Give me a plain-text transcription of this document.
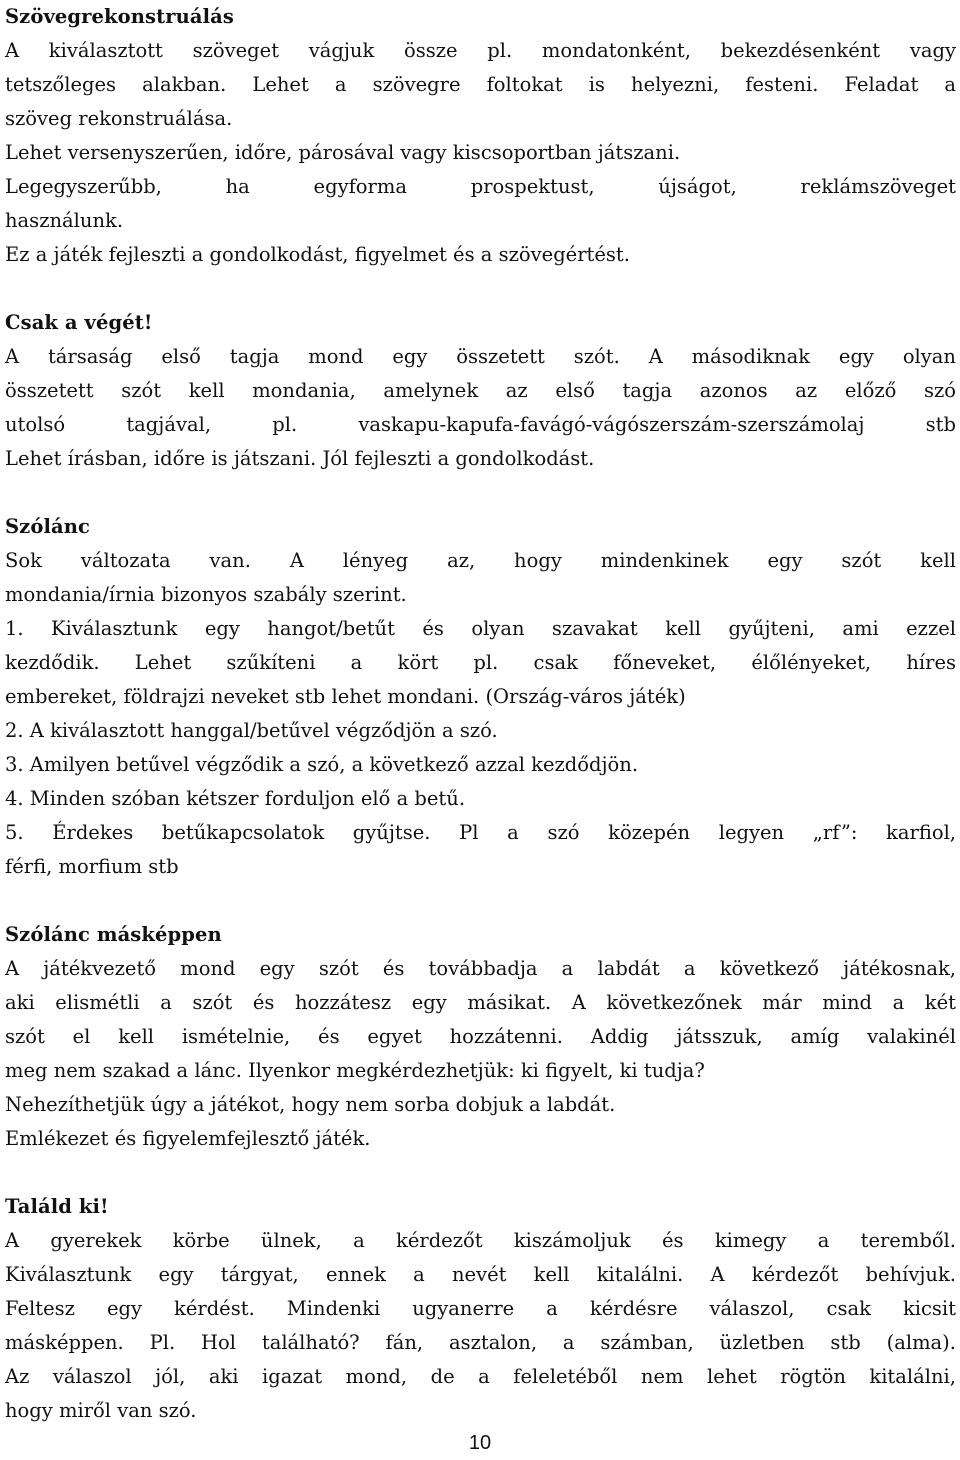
Szövegrekonstruálás

A kiválasztott szöveget vágjuk össze pl. mondatonként, bekezdésenként vagy

tetszőleges alakban. Lehet a szövegre foltokat is helyezni, festeni. Feladat a

szöveg rekonstruálása.

Lehet versenyszerűen, időre, párosával vagy kiscsoportban játszani.

Legegyszerűbb, ha egyforma prospektust, újságot, reklámszöveget

használunk.

Ez a játék fejleszti a gondolkodást, figyelmet és a szövegértést.

Csak a végét!

A társaság első tagja mond egy összetett szót. A másodiknak egy olyan

összetett szót kell mondania, amelynek az első tagja azonos az előző szó

utolsó tagjával, pl. vaskapu-kapufa-favágó-vágószerszám-szerszámolaj stb

Lehet írásban, időre is játszani. Jól fejleszti a gondolkodást.

Szólánc

Sok változata van. A lényeg az, hogy mindenkinek egy szót kell

mondania/írnia bizonyos szabály szerint.

1. Kiválasztunk egy hangot/betűt és olyan szavakat kell gyűjteni, ami ezzel

kezdődik. Lehet szűkíteni a kört pl. csak főneveket, élőlényeket, híres

embereket, földrajzi neveket stb lehet mondani. (Ország-város játék)

2. A kiválasztott hanggal/betűvel végződjön a szó.

3. Amilyen betűvel végződik a szó, a következő azzal kezdődjön.

4. Minden szóban kétszer forduljon elő a betű.

5. Érdekes betűkapcsolatok gyűjtse. Pl a szó közepén legyen „rf”: karfiol,

férfi, morfium stb

Szólánc másképpen

A játékvezető mond egy szót és továbbadja a labdát a következő játékosnak,

aki elismétli a szót és hozzátesz egy másikat. A következőnek már mind a két

szót el kell ismételnie, és egyet hozzátenni. Addig játsszuk, amíg valakinél

meg nem szakad a lánc. Ilyenkor megkérdezhetjük: ki figyelt, ki tudja?

Nehezíthetjük úgy a játékot, hogy nem sorba dobjuk a labdát.

Emlékezet és figyelemfejlesztő játék.

Találd ki!

A gyerekek körbe ülnek, a kérdezőt kiszámoljuk és kimegy a teremből.

Kiválasztunk egy tárgyat, ennek a nevét kell kitalálni. A kérdezőt behívjuk.

Feltesz egy kérdést. Mindenki ugyanerre a kérdésre válaszol, csak kicsit

másképpen. Pl. Hol található? fán, asztalon, a számban, üzletben stb (alma).

Az válaszol jól, aki igazat mond, de a feleletéből nem lehet rögtön kitalálni,

hogy miről van szó.

10
